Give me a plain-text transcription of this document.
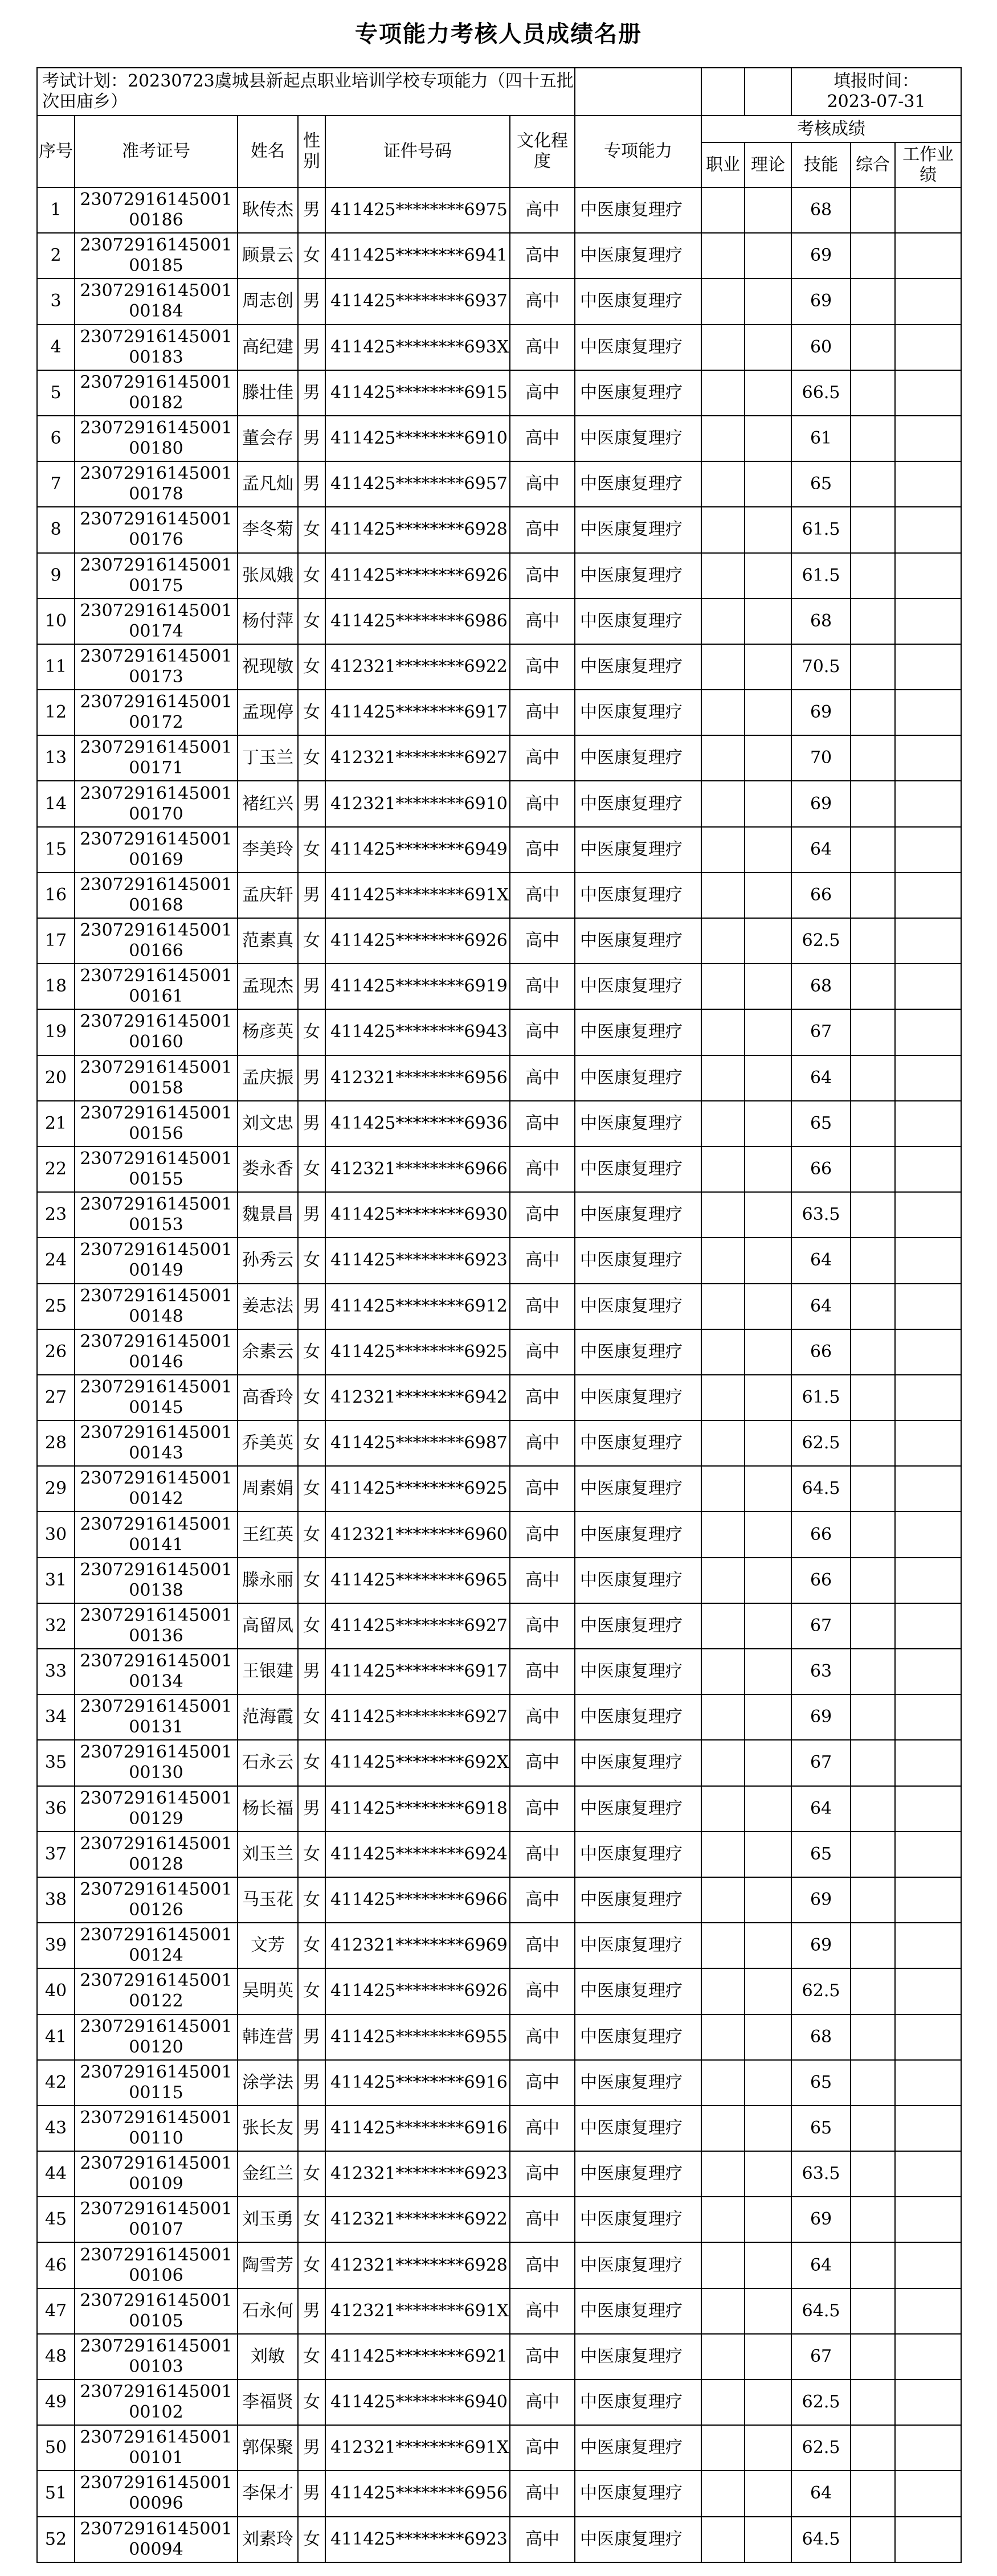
专项能力考核人员成绩名册
考试计划：20230723虞城县新起点职业培训学校专项能力（四十五批次田庙乡）									填报时间：
2023-07-31		

序号	准考证号	姓名	性别	证件号码	文化程度	专项能力	考核成绩				
							职业	理论	技能	综合	工作业绩
1	2307291614500100186	耿传杰	男	411425********6975	高中	中医康复理疗			68		
2	2307291614500100185	顾景云	女	411425********6941	高中	中医康复理疗			69		
3	2307291614500100184	周志创	男	411425********6937	高中	中医康复理疗			69		
4	2307291614500100183	高纪建	男	411425********693X	高中	中医康复理疗			60		
5	2307291614500100182	滕壮佳	男	411425********6915	高中	中医康复理疗			66.5		
6	2307291614500100180	董会存	男	411425********6910	高中	中医康复理疗			61		
7	2307291614500100178	孟凡灿	男	411425********6957	高中	中医康复理疗			65		
8	2307291614500100176	李冬菊	女	411425********6928	高中	中医康复理疗			61.5		
9	2307291614500100175	张凤娥	女	411425********6926	高中	中医康复理疗			61.5		
10	2307291614500100174	杨付萍	女	411425********6986	高中	中医康复理疗			68		
11	2307291614500100173	祝现敏	女	412321********6922	高中	中医康复理疗			70.5		
12	2307291614500100172	孟现停	女	411425********6917	高中	中医康复理疗			69		
13	2307291614500100171	丁玉兰	女	412321********6927	高中	中医康复理疗			70		
14	2307291614500100170	褚红兴	男	412321********6910	高中	中医康复理疗			69		
15	2307291614500100169	李美玲	女	411425********6949	高中	中医康复理疗			64		
16	2307291614500100168	孟庆轩	男	411425********691X	高中	中医康复理疗			66		
17	2307291614500100166	范素真	女	411425********6926	高中	中医康复理疗			62.5		
18	2307291614500100161	孟现杰	男	411425********6919	高中	中医康复理疗			68		
19	2307291614500100160	杨彦英	女	411425********6943	高中	中医康复理疗			67		
20	2307291614500100158	孟庆振	男	412321********6956	高中	中医康复理疗			64		
21	2307291614500100156	刘文忠	男	411425********6936	高中	中医康复理疗			65		
22	2307291614500100155	娄永香	女	412321********6966	高中	中医康复理疗			66		
23	2307291614500100153	魏景昌	男	411425********6930	高中	中医康复理疗			63.5		
24	2307291614500100149	孙秀云	女	411425********6923	高中	中医康复理疗			64		
25	2307291614500100148	姜志法	男	411425********6912	高中	中医康复理疗			64		
26	2307291614500100146	余素云	女	411425********6925	高中	中医康复理疗			66		
27	2307291614500100145	高香玲	女	412321********6942	高中	中医康复理疗			61.5		
28	2307291614500100143	乔美英	女	411425********6987	高中	中医康复理疗			62.5		
29	2307291614500100142	周素娟	女	411425********6925	高中	中医康复理疗			64.5		
30	2307291614500100141	王红英	女	412321********6960	高中	中医康复理疗			66		
31	2307291614500100138	滕永丽	女	411425********6965	高中	中医康复理疗			66		
32	2307291614500100136	高留凤	女	411425********6927	高中	中医康复理疗			67		
33	2307291614500100134	王银建	男	411425********6917	高中	中医康复理疗			63		
34	2307291614500100131	范海霞	女	411425********6927	高中	中医康复理疗			69		
35	2307291614500100130	石永云	女	411425********692X	高中	中医康复理疗			67		
36	2307291614500100129	杨长福	男	411425********6918	高中	中医康复理疗			64		
37	2307291614500100128	刘玉兰	女	411425********6924	高中	中医康复理疗			65		
38	2307291614500100126	马玉花	女	411425********6966	高中	中医康复理疗			69		
39	2307291614500100124	文芳	女	412321********6969	高中	中医康复理疗			69		
40	2307291614500100122	吴明英	女	411425********6926	高中	中医康复理疗			62.5		
41	2307291614500100120	韩连营	男	411425********6955	高中	中医康复理疗			68		
42	2307291614500100115	涂学法	男	411425********6916	高中	中医康复理疗			65		
43	2307291614500100110	张长友	男	411425********6916	高中	中医康复理疗			65		
44	2307291614500100109	金红兰	女	412321********6923	高中	中医康复理疗			63.5		
45	2307291614500100107	刘玉勇	女	412321********6922	高中	中医康复理疗			69		
46	2307291614500100106	陶雪芳	女	412321********6928	高中	中医康复理疗			64		
47	2307291614500100105	石永何	男	412321********691X	高中	中医康复理疗			64.5		
48	2307291614500100103	刘敏	女	411425********6921	高中	中医康复理疗			67		
49	2307291614500100102	李福贤	女	411425********6940	高中	中医康复理疗			62.5		
50	2307291614500100101	郭保聚	男	412321********691X	高中	中医康复理疗			62.5		
51	2307291614500100096	李保才	男	411425********6956	高中	中医康复理疗			64		
52	2307291614500100094	刘素玲	女	411425********6923	高中	中医康复理疗			64.5		
